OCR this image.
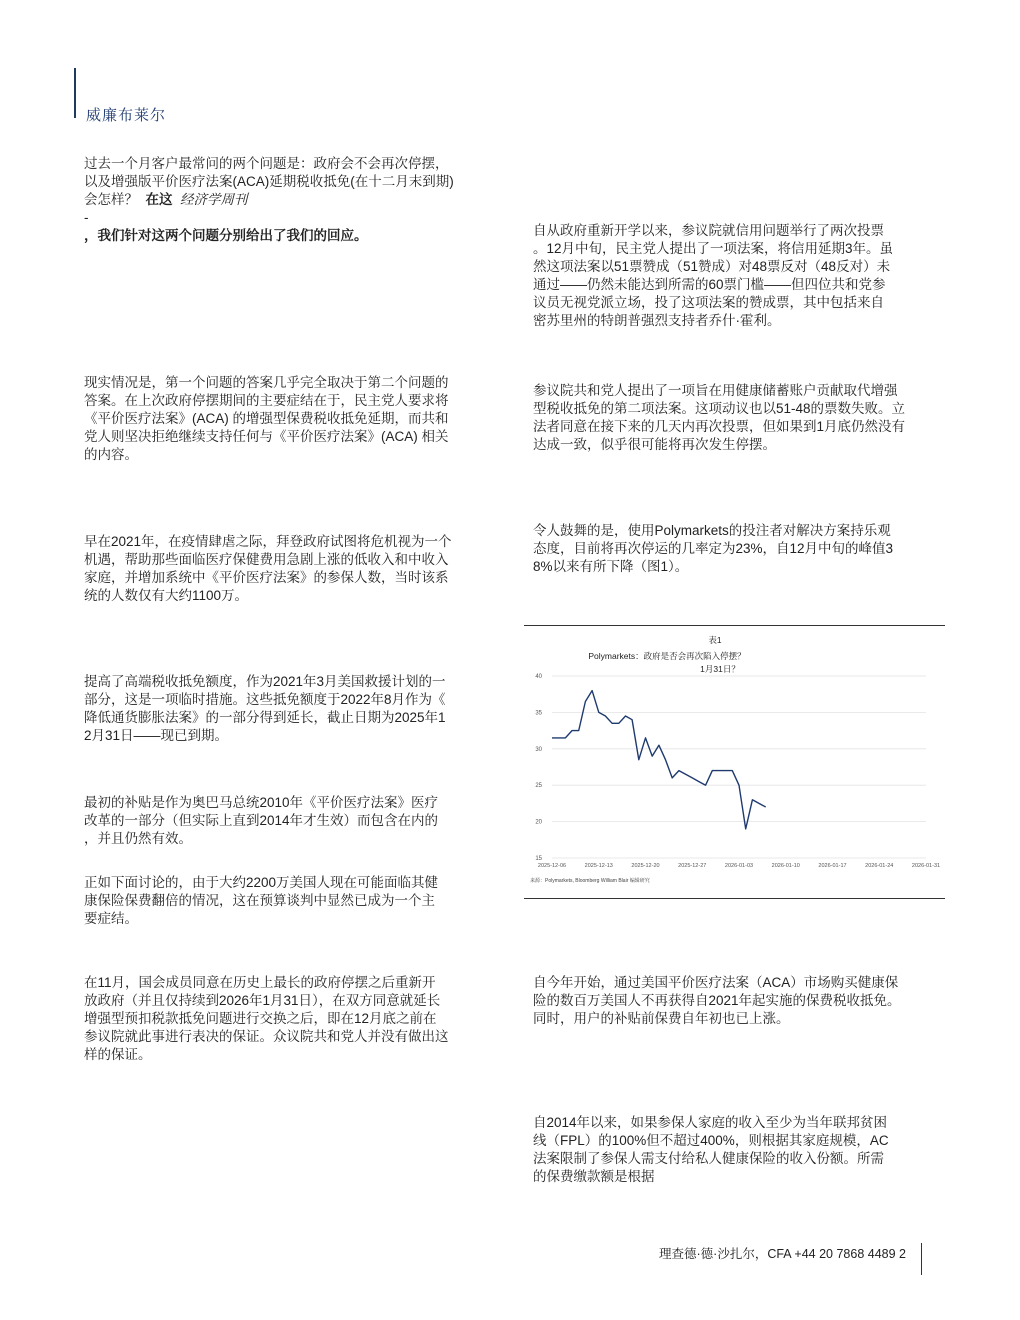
威廉布莱尔
过去一个月客户最常问的两个问题是：政府会不会再次停摆，
以及增强版平价医疗法案(ACA)延期税收抵免(在十二月末到期)
会怎样？ 在这 经济学周刊
-
，我们针对这两个问题分别给出了我们的回应。
现实情况是，第一个问题的答案几乎完全取决于第二个问题的
答案。在上次政府停摆期间的主要症结在于，民主党人要求将
《平价医疗法案》(ACA) 的增强型保费税收抵免延期，而共和
党人则坚决拒绝继续支持任何与《平价医疗法案》(ACA) 相关
的内容。
早在2021年，在疫情肆虐之际，拜登政府试图将危机视为一个
机遇，帮助那些面临医疗保健费用急剧上涨的低收入和中收入
家庭，并增加系统中《平价医疗法案》的参保人数，当时该系
统的人数仅有大约1100万。
提高了高端税收抵免额度，作为2021年3月美国救援计划的一
部分，这是一项临时措施。这些抵免额度于2022年8月作为《
降低通货膨胀法案》的一部分得到延长，截止日期为2025年1
2月31日——现已到期。
最初的补贴是作为奥巴马总统2010年《平价医疗法案》医疗
改革的一部分（但实际上直到2014年才生效）而包含在内的
，并且仍然有效。
正如下面讨论的，由于大约2200万美国人现在可能面临其健
康保险保费翻倍的情况，这在预算谈判中显然已成为一个主
要症结。
在11月，国会成员同意在历史上最长的政府停摆之后重新开
放政府（并且仅持续到2026年1月31日），在双方同意就延长
增强型预扣税款抵免问题进行交换之后，即在12月底之前在
参议院就此事进行表决的保证。众议院共和党人并没有做出这
样的保证。
自从政府重新开学以来，参议院就信用问题举行了两次投票
。12月中旬，民主党人提出了一项法案，将信用延期3年。虽
然这项法案以51票赞成（51赞成）对48票反对（48反对）未
通过——仍然未能达到所需的60票门槛——但四位共和党参
议员无视党派立场，投了这项法案的赞成票，其中包括来自
密苏里州的特朗普强烈支持者乔什·霍利。
参议院共和党人提出了一项旨在用健康储蓄账户贡献取代增强
型税收抵免的第二项法案。这项动议也以51-48的票数失败。立
法者同意在接下来的几天内再次投票，但如果到1月底仍然没有
达成一致，似乎很可能将再次发生停摆。
令人鼓舞的是，使用Polymarkets的投注者对解决方案持乐观
态度，目前将再次停运的几率定为23%，自12月中旬的峰值3
8%以来有所下降（图1）。
表1
Polymarkets：政府是否会再次陷入停摆？
1月31日？
15
20
25
30
35
40
2025-12-06	2025-12-13	2025-12-20	2025-12-27	2026-01-03	2026-01-10	2026-01-17	2026-01-24	2026-01-31
来源：Polymarkets, Bloomberg William Blair 编辑研究
自今年开始，通过美国平价医疗法案（ACA）市场购买健康保
险的数百万美国人不再获得自2021年起实施的保费税收抵免。
同时，用户的补贴前保费自年初也已上涨。
自2014年以来，如果参保人家庭的收入至少为当年联邦贫困
线（FPL）的100%但不超过400%，则根据其家庭规模，AC
法案限制了参保人需支付给私人健康保险的收入份额。所需
的保费缴款额是根据
理查德·德·沙扎尔，CFA +44 20 7868 4489 2
